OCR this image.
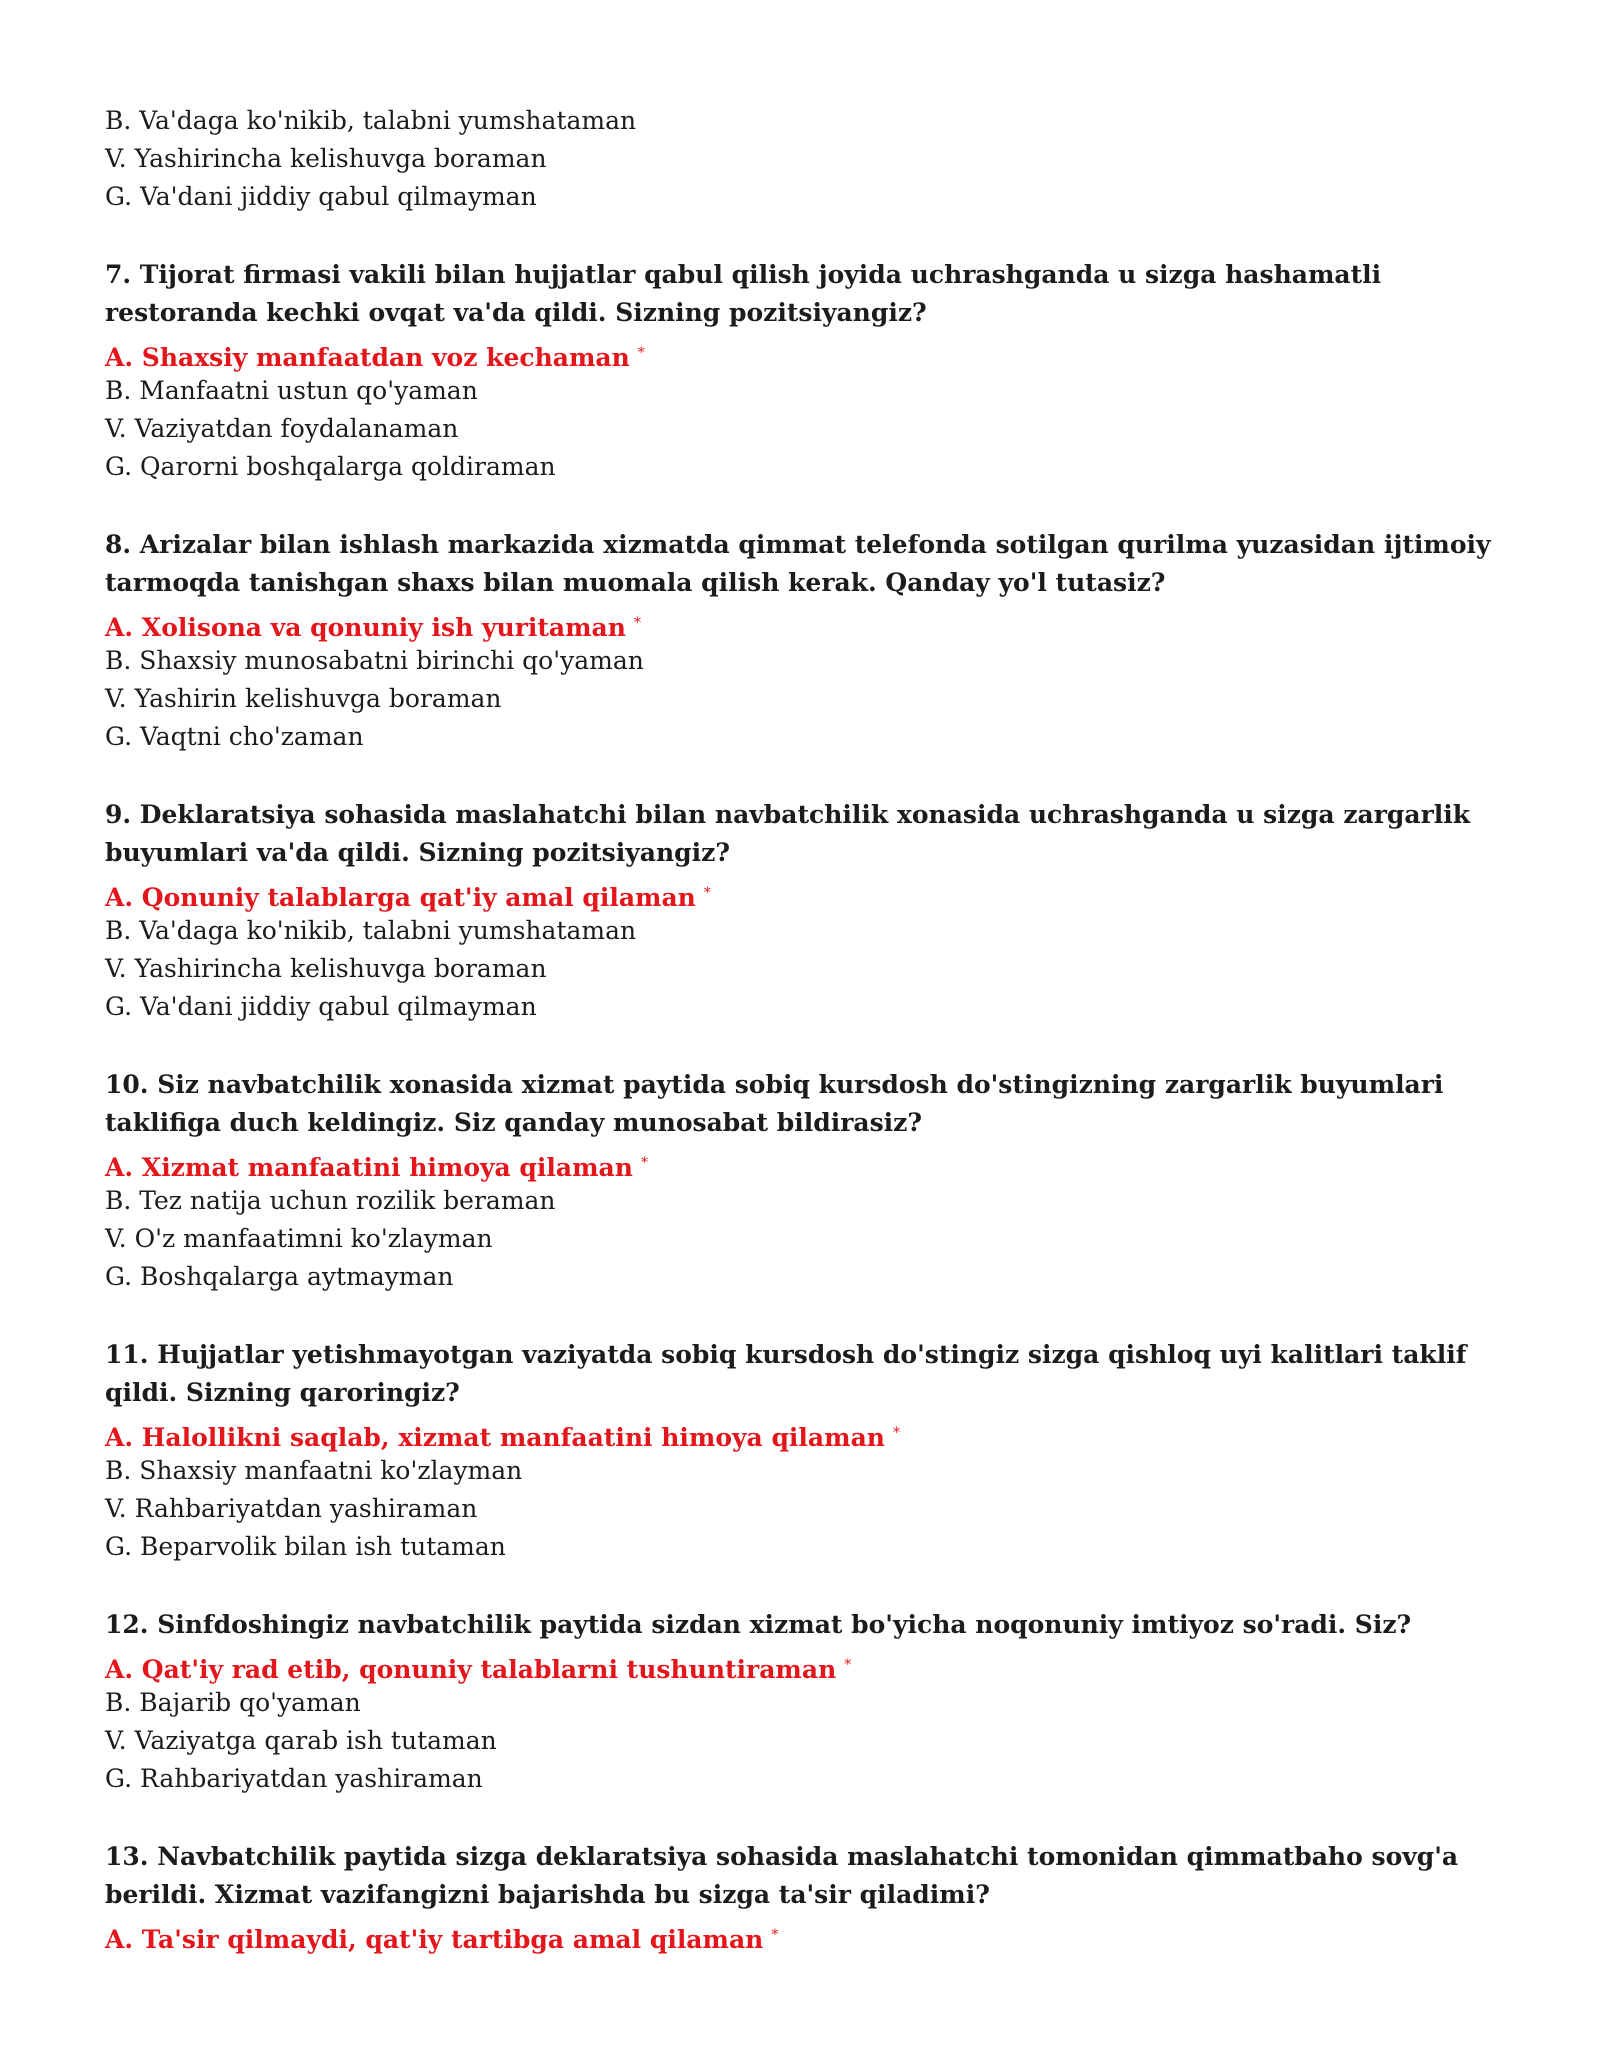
B. Va'daga ko'nikib, talabni yumshataman
V. Yashirincha kelishuvga boraman
G. Va'dani jiddiy qabul qilmayman
7. Tijorat firmasi vakili bilan hujjatlar qabul qilish joyida uchrashganda u sizga hashamatli restoranda kechki ovqat va'da qildi. Sizning pozitsiyangiz?
A. Shaxsiy manfaatdan voz kechaman *
B. Manfaatni ustun qo'yaman
V. Vaziyatdan foydalanaman
G. Qarorni boshqalarga qoldiraman
8. Arizalar bilan ishlash markazida xizmatda qimmat telefonda sotilgan qurilma yuzasidan ijtimoiy tarmoqda tanishgan shaxs bilan muomala qilish kerak. Qanday yo'l tutasiz?
A. Xolisona va qonuniy ish yuritaman *
B. Shaxsiy munosabatni birinchi qo'yaman
V. Yashirin kelishuvga boraman
G. Vaqtni cho'zaman
9. Deklaratsiya sohasida maslahatchi bilan navbatchilik xonasida uchrashganda u sizga zargarlik buyumlari va'da qildi. Sizning pozitsiyangiz?
A. Qonuniy talablarga qat'iy amal qilaman *
B. Va'daga ko'nikib, talabni yumshataman
V. Yashirincha kelishuvga boraman
G. Va'dani jiddiy qabul qilmayman
10. Siz navbatchilik xonasida xizmat paytida sobiq kursdosh do'stingizning zargarlik buyumlari taklifiga duch keldingiz. Siz qanday munosabat bildirasiz?
A. Xizmat manfaatini himoya qilaman *
B. Tez natija uchun rozilik beraman
V. O'z manfaatimni ko'zlayman
G. Boshqalarga aytmayman
11. Hujjatlar yetishmayotgan vaziyatda sobiq kursdosh do'stingiz sizga qishloq uyi kalitlari taklif qildi. Sizning qaroringiz?
A. Halollikni saqlab, xizmat manfaatini himoya qilaman *
B. Shaxsiy manfaatni ko'zlayman
V. Rahbariyatdan yashiraman
G. Beparvolik bilan ish tutaman
12. Sinfdoshingiz navbatchilik paytida sizdan xizmat bo'yicha noqonuniy imtiyoz so'radi. Siz?
A. Qat'iy rad etib, qonuniy talablarni tushuntiraman *
B. Bajarib qo'yaman
V. Vaziyatga qarab ish tutaman
G. Rahbariyatdan yashiraman
13. Navbatchilik paytida sizga deklaratsiya sohasida maslahatchi tomonidan qimmatbaho sovg'a berildi. Xizmat vazifangizni bajarishda bu sizga ta'sir qiladimi?
A. Ta'sir qilmaydi, qat'iy tartibga amal qilaman *
